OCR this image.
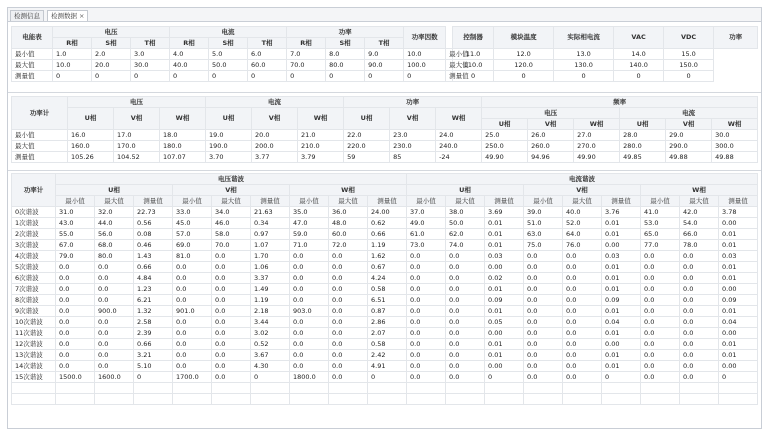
检测信息	检测数据 ×
电能表	电压			电流			功率			功率因数		控制器	模块温度	实际相电流	VAC	VDC	功率
	R相	S相	T相	R相	S相	T相	R相	S相	T相								
最小值	1.0	2.0	3.0	4.0	5.0	6.0	7.0	8.0	9.0	10.0	最小值	11.0	12.0	13.0	14.0	15.0	
最大值	10.0	20.0	30.0	40.0	50.0	60.0	70.0	80.0	90.0	100.0	最大值	110.0	120.0	130.0	140.0	150.0	
测量值	0	0	0	0	0	0	0	0	0	0	测量值	0	0	0	0	0	
功率计	电压			电流			功率			频率					
	U相	V相	W相	U相	V相	W相	U相	V相	W相	电压			电流		
										U相	V相	W相	U相	V相	W相
最小值	16.0	17.0	18.0	19.0	20.0	21.0	22.0	23.0	24.0	25.0	26.0	27.0	28.0	29.0	30.0
最大值	160.0	170.0	180.0	190.0	200.0	210.0	220.0	230.0	240.0	250.0	260.0	270.0	280.0	290.0	300.0
测量值	105.26	104.52	107.07	3.70	3.77	3.79	59	85	-24	49.90	94.96	49.90	49.85	49.88	49.88
功率计	电压谐波									电流谐波								
	U相			V相			W相			U相			V相			W相		
	最小值	最大值	测量值	最小值	最大值	测量值	最小值	最大值	测量值	最小值	最大值	测量值	最小值	最大值	测量值	最小值	最大值	测量值
0次谐波	31.0	32.0	22.73	33.0	34.0	21.63	35.0	36.0	24.00	37.0	38.0	3.69	39.0	40.0	3.76	41.0	42.0	3.78
1次谐波	43.0	44.0	0.56	45.0	46.0	0.34	47.0	48.0	0.62	49.0	50.0	0.01	51.0	52.0	0.01	53.0	54.0	0.00
2次谐波	55.0	56.0	0.08	57.0	58.0	0.97	59.0	60.0	0.66	61.0	62.0	0.01	63.0	64.0	0.01	65.0	66.0	0.01
3次谐波	67.0	68.0	0.46	69.0	70.0	1.07	71.0	72.0	1.19	73.0	74.0	0.01	75.0	76.0	0.00	77.0	78.0	0.01
4次谐波	79.0	80.0	1.43	81.0	0.0	1.70	0.0	0.0	1.62	0.0	0.0	0.03	0.0	0.0	0.03	0.0	0.0	0.03
5次谐波	0.0	0.0	0.66	0.0	0.0	1.06	0.0	0.0	0.67	0.0	0.0	0.00	0.0	0.0	0.01	0.0	0.0	0.01
6次谐波	0.0	0.0	4.84	0.0	0.0	3.37	0.0	0.0	4.24	0.0	0.0	0.02	0.0	0.0	0.01	0.0	0.0	0.01
7次谐波	0.0	0.0	1.23	0.0	0.0	1.49	0.0	0.0	0.58	0.0	0.0	0.01	0.0	0.0	0.01	0.0	0.0	0.00
8次谐波	0.0	0.0	6.21	0.0	0.0	1.19	0.0	0.0	6.51	0.0	0.0	0.09	0.0	0.0	0.09	0.0	0.0	0.09
9次谐波	0.0	900.0	1.32	901.0	0.0	2.18	903.0	0.0	0.87	0.0	0.0	0.01	0.0	0.0	0.01	0.0	0.0	0.01
10次谐波	0.0	0.0	2.58	0.0	0.0	3.44	0.0	0.0	2.86	0.0	0.0	0.05	0.0	0.0	0.04	0.0	0.0	0.04
11次谐波	0.0	0.0	2.39	0.0	0.0	3.02	0.0	0.0	2.07	0.0	0.0	0.00	0.0	0.0	0.01	0.0	0.0	0.00
12次谐波	0.0	0.0	0.66	0.0	0.0	0.52	0.0	0.0	0.58	0.0	0.0	0.01	0.0	0.0	0.00	0.0	0.0	0.01
13次谐波	0.0	0.0	3.21	0.0	0.0	3.67	0.0	0.0	2.42	0.0	0.0	0.01	0.0	0.0	0.01	0.0	0.0	0.01
14次谐波	0.0	0.0	5.10	0.0	0.0	4.30	0.0	0.0	4.91	0.0	0.0	0.00	0.0	0.0	0.01	0.0	0.0	0.00
15次谐波	1500.0	1600.0	0	1700.0	0.0	0	1800.0	0.0	0	0.0	0.0	0	0.0	0.0	0	0.0	0.0	0
